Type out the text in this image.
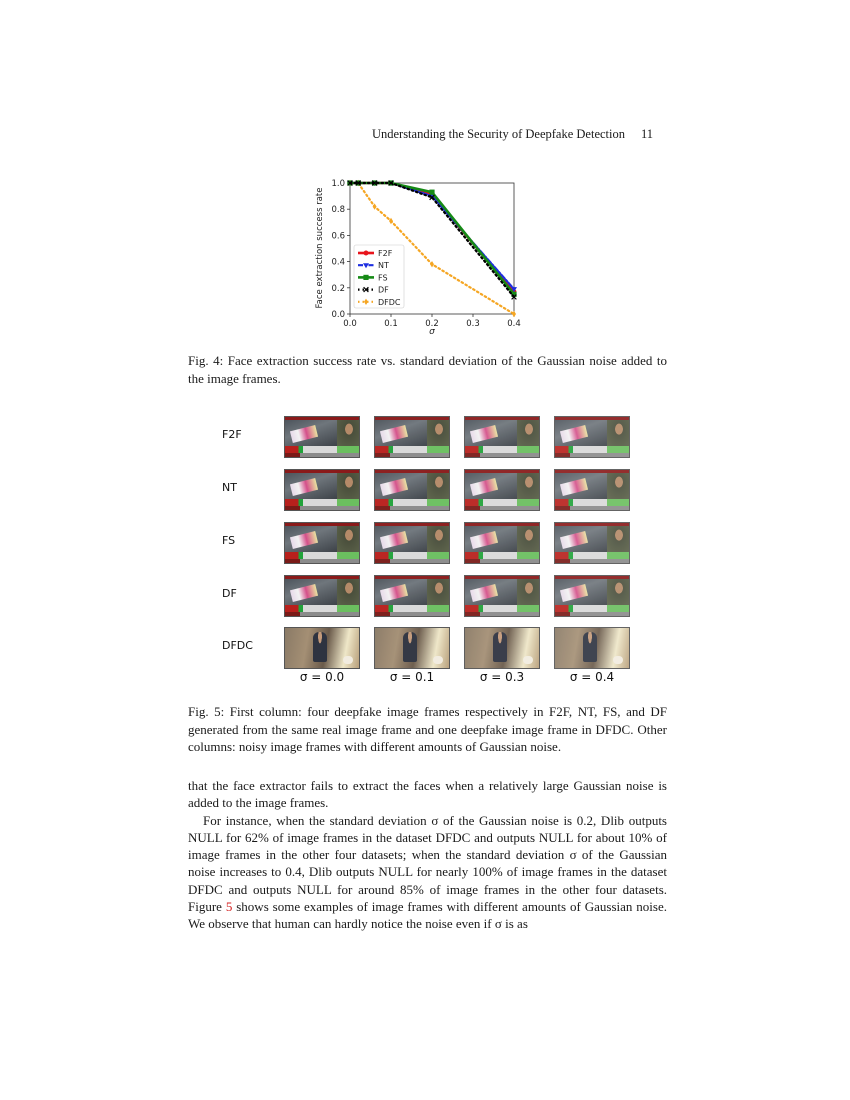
Understanding the Security of Deepfake Detection 11
0.0
0.2
0.4
0.6
0.8
1.0
0.0	0.1	0.2	0.3	0.4
Face extraction success rate
σ
F2F
NT
FS
DF
DFDC
Fig. 4: Face extraction success rate vs. standard deviation of the Gaussian noise added to the image frames.
F2F
NT
FS
DF
DFDC
σ = 0.0	σ = 0.1	σ = 0.3	σ = 0.4
Fig. 5: First column: four deepfake image frames respectively in F2F, NT, FS, and DF generated from the same real image frame and one deepfake image frame in DFDC. Other columns: noisy image frames with different amounts of Gaussian noise.

that the face extractor fails to extract the faces when a relatively large Gaussian noise is added to the image frames.

For instance, when the standard deviation σ of the Gaussian noise is 0.2, Dlib outputs NULL for 62% of image frames in the dataset DFDC and outputs NULL for about 10% of image frames in the other four datasets; when the standard deviation σ of the Gaussian noise increases to 0.4, Dlib outputs NULL for nearly 100% of image frames in the dataset DFDC and outputs NULL for around 85% of image frames in the other four datasets. Figure 5 shows some examples of image frames with different amounts of Gaussian noise. We observe that human can hardly notice the noise even if σ is as
